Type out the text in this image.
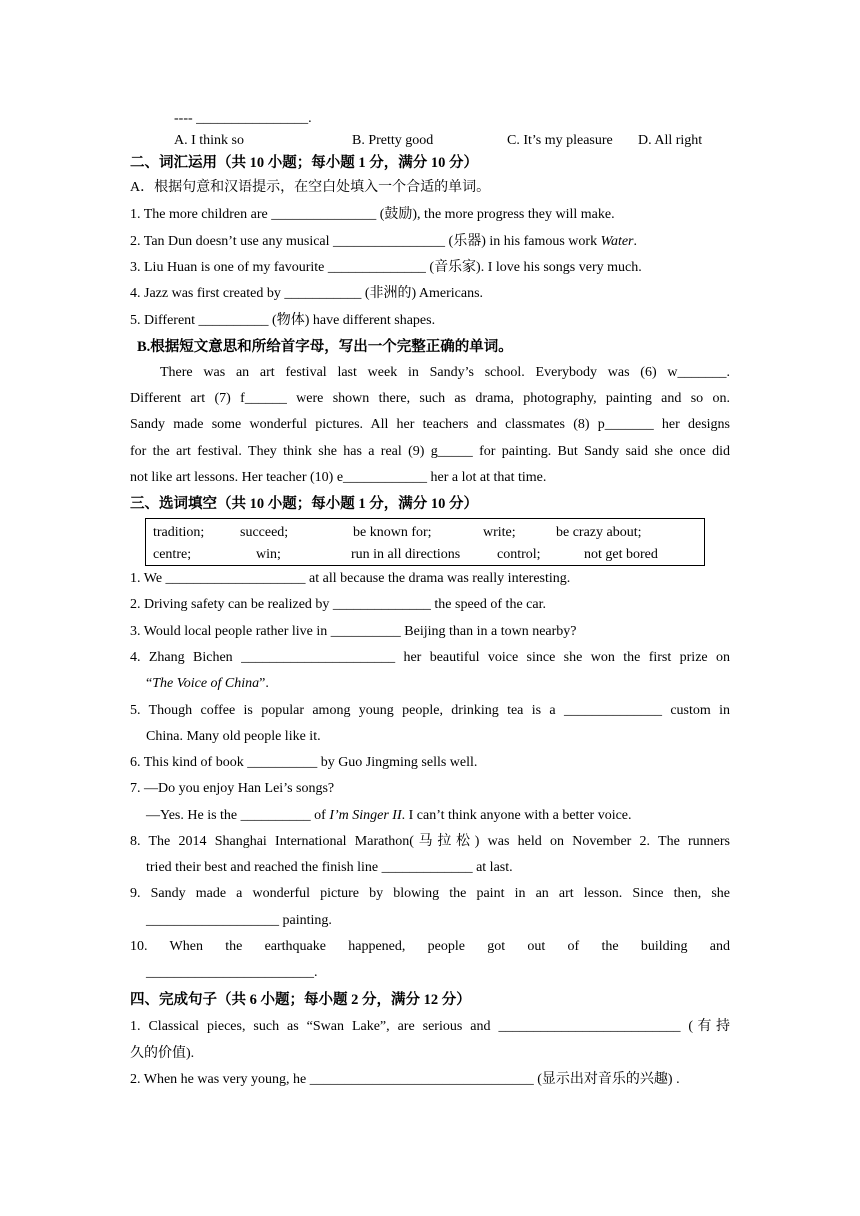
---- ________________.
A. I think so	B. Pretty good	C. It’s my pleasure D. All right
二、词汇运用（共 10 小题；每小题 1 分，满分 10 分）
A．根据句意和汉语提示，在空白处填入一个合适的单词。
1. The more children are _______________ (鼓励), the more progress they will make.
2. Tan Dun doesn’t use any musical ________________ (乐器) in his famous work Water.
3. Liu Huan is one of my favourite ______________ (音乐家). I love his songs very much.
4. Jazz was first created by ___________ (非洲的) Americans.
5. Different __________ (物体) have different shapes.
B.根据短文意思和所给首字母，写出一个完整正确的单词。
There was an art festival last week in Sandy’s school. Everybody was (6) w_______.
Different art (7) f______ were shown there, such as drama, photography, painting and so on.
Sandy made some wonderful pictures. All her teachers and classmates (8) p_______ her designs
for the art festival. They think she has a real (9) g_____ for painting. But Sandy said she once did
not like art lessons. Her teacher (10) e____________ her a lot at that time.
三、选词填空（共 10 小题；每小题 1 分，满分 10 分）
tradition;	succeed;	be known for;	write;	be crazy about;
centre;	win;	run in all directions	control;	not get bored
1. We ____________________ at all because the drama was really interesting.
2. Driving safety can be realized by ______________ the speed of the car.
3. Would local people rather live in __________ Beijing than in a town nearby?
4. Zhang Bichen ______________________ her beautiful voice since she won the first prize on
“The Voice of China”.
5. Though coffee is popular among young people, drinking tea is a ______________ custom in
China. Many old people like it.
6. This kind of book __________ by Guo Jingming sells well.
7. —Do you enjoy Han Lei’s songs?
—Yes. He is the __________ of I’m Singer II. I can’t think anyone with a better voice.
8. The 2014 Shanghai International Marathon(马拉松) was held on November 2. The runners
tried their best and reached the finish line _____________ at last.
9. Sandy made a wonderful picture by blowing the paint in an art lesson. Since then, she
___________________ painting.
10. When the earthquake happened, people got out of the building and
________________________.
四、完成句子（共 6 小题；每小题 2 分，满分 12 分）
1. Classical pieces, such as “Swan Lake”, are serious and __________________________ (有持
久的价值).
2. When he was very young, he ________________________________ (显示出对音乐的兴趣) .
